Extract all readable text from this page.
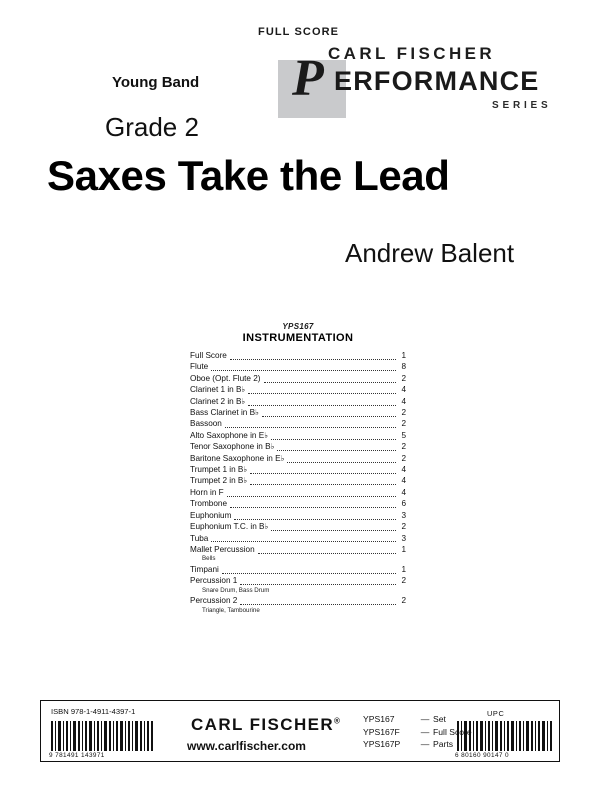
FULL SCORE
CARL FISCHER
P ERFORMANCE
SERIES
Young Band
Grade 2
Saxes Take the Lead
Andrew Balent
YPS167
INSTRUMENTATION
Full Score	1
Flute	8
Oboe (Opt. Flute 2)	2
Clarinet 1 in B♭	4
Clarinet 2 in B♭	4
Bass Clarinet in B♭	2
Bassoon	2
Alto Saxophone in E♭	5
Tenor Saxophone in B♭	2
Baritone Saxophone in E♭	2
Trumpet 1 in B♭	4
Trumpet 2 in B♭	4
Horn in F	4
Trombone	6
Euphonium	3
Euphonium T.C. in B♭	2
Tuba	3
Mallet Percussion	1
Bells
Timpani	1
Percussion 1	2
Snare Drum, Bass Drum
Percussion 2	2
Triangle, Tambourine
ISBN 978-1-4911-4397-1
9 781491 143971
UPC
6 80160 90147 0
CARL FISCHER®
www.carlfischer.com
YPS167	— Set
YPS167F	— Full Score
YPS167P	— Parts
